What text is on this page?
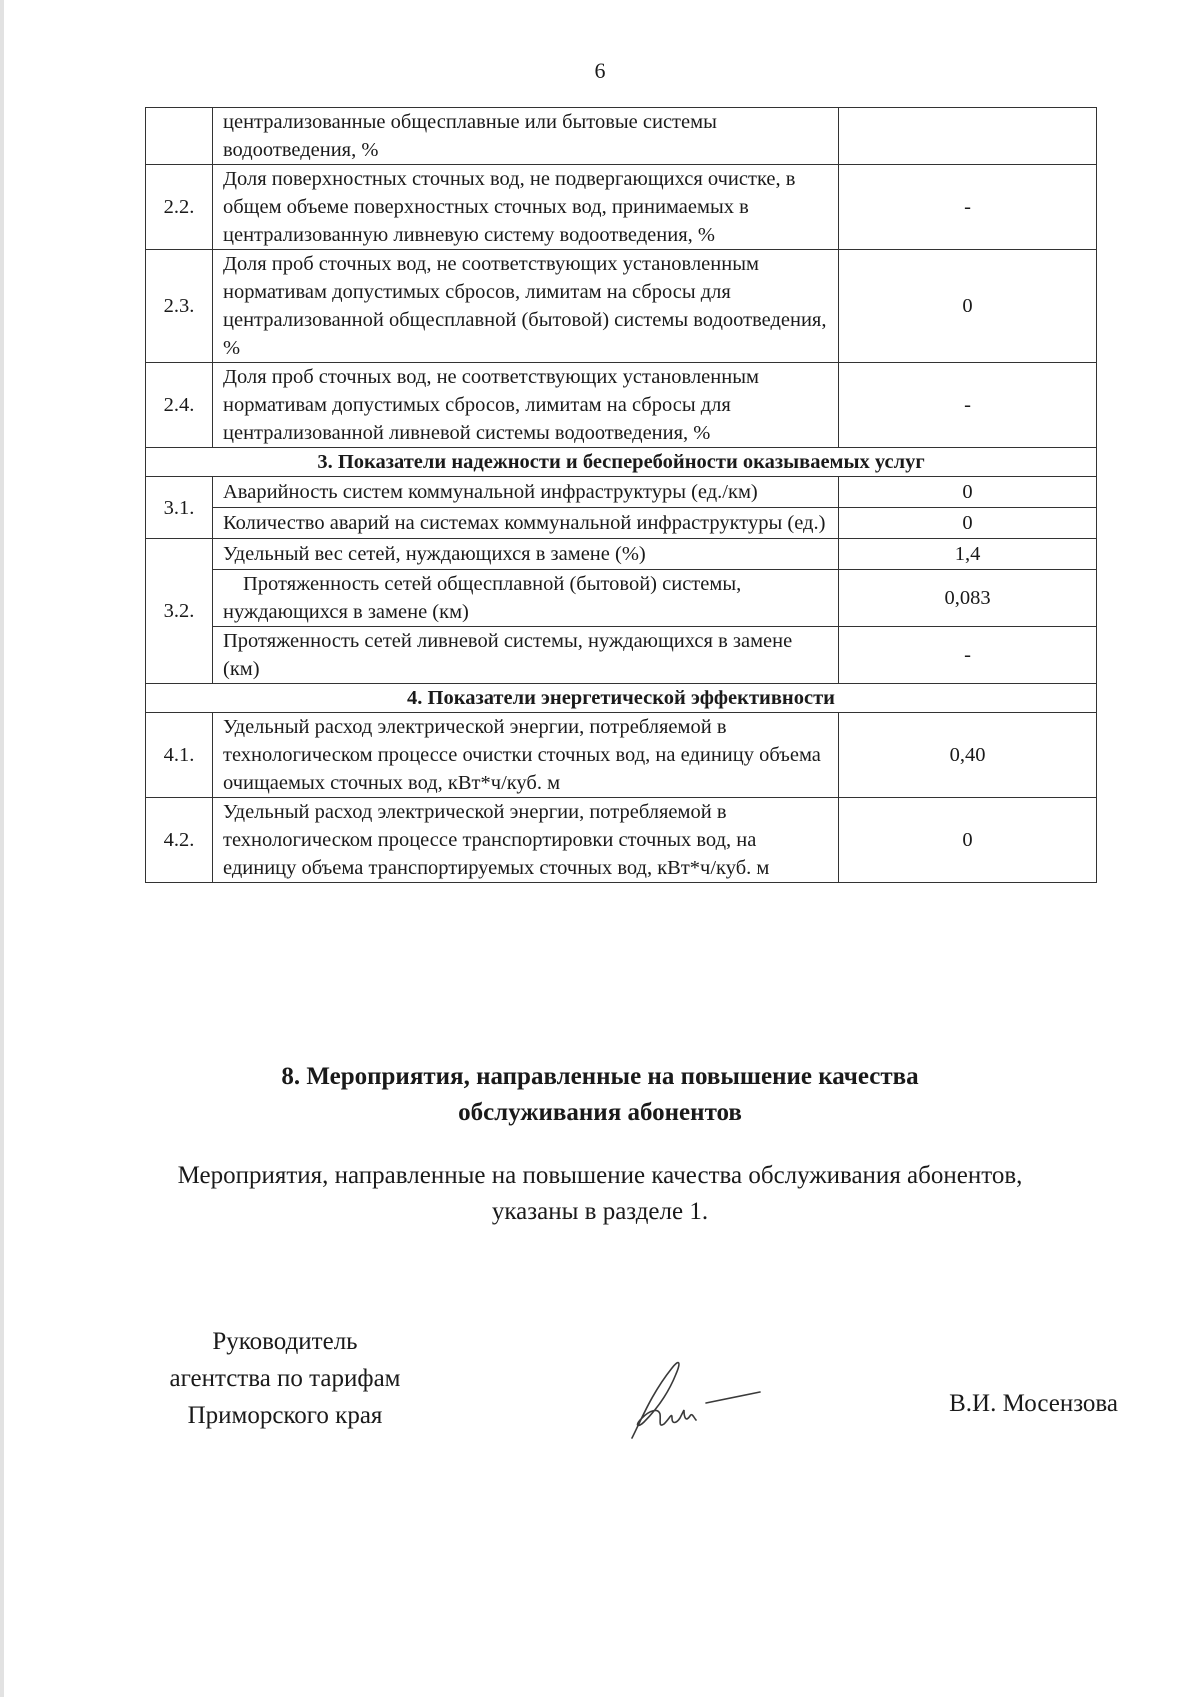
6
	централизованные общесплавные или бытовые системы водоотведения, %	
2.2.	Доля поверхностных сточных вод, не подвергающихся очистке, в общем объеме поверхностных сточных вод, принимаемых в централизованную ливневую систему водоотведения, %	-
2.3.	Доля проб сточных вод, не соответствующих установленным нормативам допустимых сбросов, лимитам на сбросы для централизованной общесплавной (бытовой) системы водоотведения, %	0
2.4.	Доля проб сточных вод, не соответствующих установленным нормативам допустимых сбросов, лимитам на сбросы для централизованной ливневой системы водоотведения, %	-
3. Показатели надежности и бесперебойности оказываемых услуг		
3.1.	Аварийность систем коммунальной инфраструктуры (ед./км)	0
	Количество аварий на системах коммунальной инфраструктуры (ед.)	0
3.2.	Удельный вес сетей, нуждающихся в замене (%)	1,4
	Протяженность сетей общесплавной (бытовой) системы, нуждающихся в замене (км)	0,083
	Протяженность сетей ливневой системы, нуждающихся в замене (км)	-
4. Показатели энергетической эффективности		
4.1.	Удельный расход электрической энергии, потребляемой в технологическом процессе очистки сточных вод, на единицу объема очищаемых сточных вод, кВт*ч/куб. м	0,40
4.2.	Удельный расход электрической энергии, потребляемой в технологическом процессе транспортировки сточных вод, на единицу объема транспортируемых сточных вод, кВт*ч/куб. м	0
8. Мероприятия, направленные на повышение качества
обслуживания абонентов
Мероприятия, направленные на повышение качества обслуживания абонентов,
указаны в разделе 1.
Руководитель
агентства по тарифам
Приморского края	В.И. Мосензова
